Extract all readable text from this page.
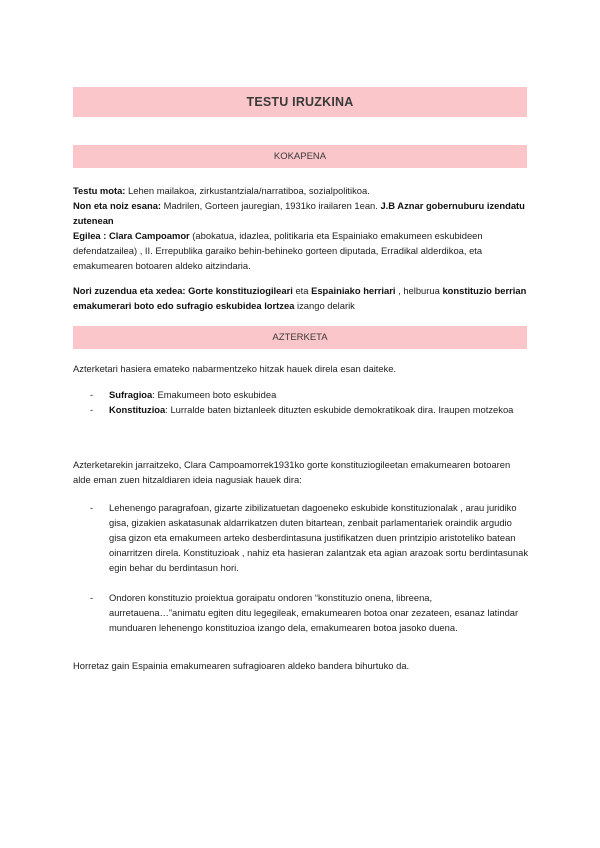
TESTU IRUZKINA
KOKAPENA
Testu mota: Lehen mailakoa, zirkustantziala/narratiboa, sozialpolitikoa.
Non eta noiz esana: Madrilen, Gorteen jauregian, 1931ko irailaren 1ean. J.B Aznar gobernuburu izendatu zutenean
Egilea : Clara Campoamor (abokatua, idazlea, politikaria eta Espainiako emakumeen eskubideen defendatzailea) , II. Errepublika garaiko behin-behineko gorteen diputada, Erradikal alderdikoa, eta emakumearen botoaren aldeko aitzindaria.
Nori zuzendua eta xedea: Gorte konstituziogileari eta Espainiako herriari , helburua konstituzio berrian emakumerari boto edo sufragio eskubidea lortzea izango delarik
AZTERKETA
Azterketari hasiera emateko nabarmentzeko hitzak hauek direla esan daiteke.
- Sufragioa: Emakumeen boto eskubidea
- Konstituzioa: Lurralde baten biztanleek dituzten eskubide demokratikoak dira. Iraupen motzekoa
Azterketarekin jarraitzeko, Clara Campoamorrek1931ko gorte konstituziogileetan emakumearen botoaren alde eman zuen hitzaldiaren ideia nagusiak hauek dira:
- Lehenengo paragrafoan, gizarte zibilizatuetan dagoeneko eskubide konstituzionalak , arau juridiko gisa, gizakien askatasunak aldarrikatzen duten bitartean, zenbait parlamentariek oraindik argudio gisa gizon eta emakumeen arteko desberdintasuna justifikatzen duen printzipio aristoteliko batean oinarritzen direla. Konstituzioak , nahiz eta hasieran zalantzak eta agian arazoak sortu berdintasunak egin behar du berdintasun hori.
- Ondoren konstituzio proiektua goraipatu ondoren “konstituzio onena, libreena, aurretauena…”animatu egiten ditu legegileak, emakumearen botoa onar zezateen, esanaz latindar munduaren lehenengo konstituzioa izango dela, emakumearen botoa jasoko duena.
Horretaz gain Espainia emakumearen sufragioaren aldeko bandera bihurtuko da.
